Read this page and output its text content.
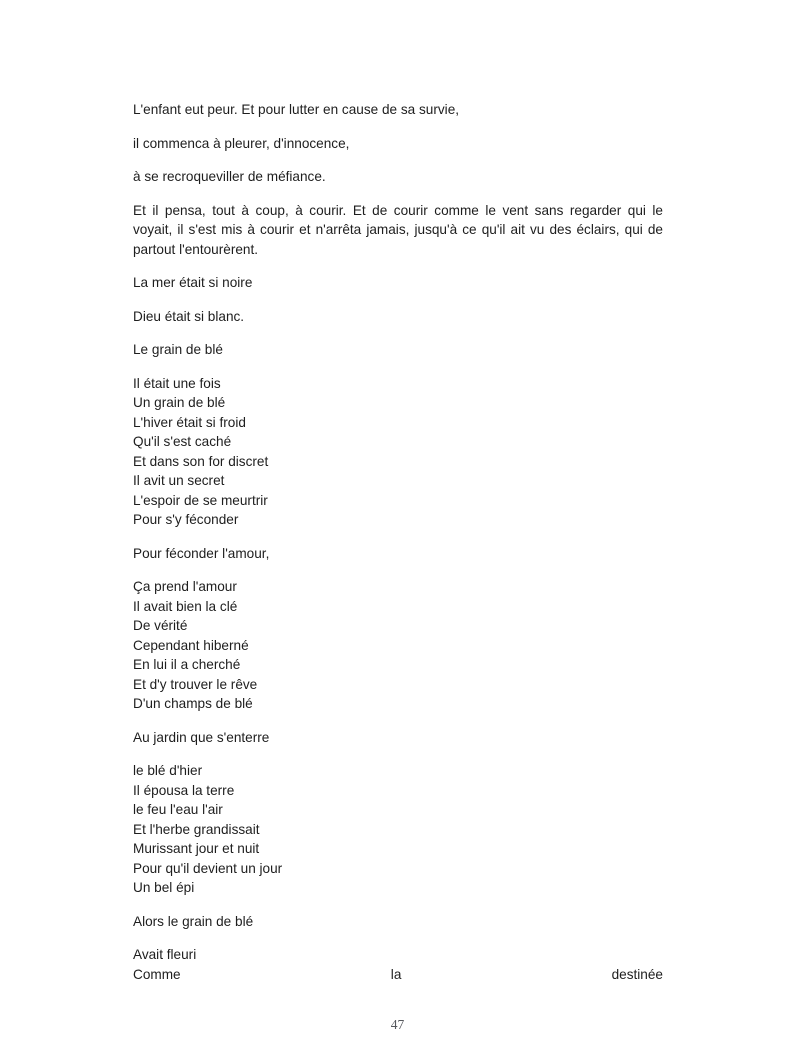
L'enfant eut peur. Et pour lutter en cause de sa survie,
il commenca à pleurer, d'innocence,
à se recroqueviller de méfiance.
Et il pensa, tout à coup, à courir. Et de courir comme le vent sans regarder qui le
voyait, il s'est mis à courir et n'arrêta jamais, jusqu'à ce qu'il ait vu des éclairs, qui de
partout l'entourèrent.
La mer était si noire
Dieu était si blanc.
Le grain de blé
Il était une fois
Un grain de blé
L'hiver était si froid
Qu'il s'est caché
Et dans son for discret
Il avit un secret
L'espoir de se meurtrir
Pour s'y féconder
Pour féconder l'amour,
Ça prend l'amour
Il avait bien la clé
De vérité
Cependant hiberné
En lui il a cherché
Et d'y trouver le rêve
D'un champs de blé
Au jardin que s'enterre
le blé d'hier
Il épousa la terre
le feu l'eau l'air
Et l'herbe grandissait
Murissant jour et nuit
Pour qu'il devient un jour
Un bel épi
Alors le grain de blé
Avait fleuri
Comme	la	destinée
47
